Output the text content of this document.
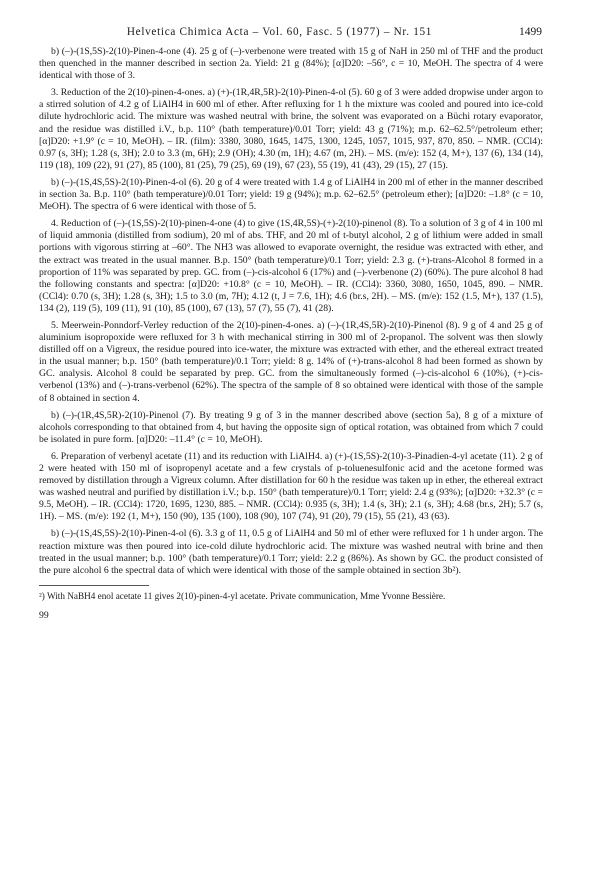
Helvetica Chimica Acta – Vol. 60, Fasc. 5 (1977) – Nr. 151	1499

b) (–)-(1S,5S)-2(10)-Pinen-4-one (4). 25 g of (–)-verbenone were treated with 15 g of NaH in 250 ml of THF and the product then quenched in the manner described in section 2a. Yield: 21 g (84%); [α]D20: –56°, c = 10, MeOH. The spectra of 4 were identical with those of 3.

3. Reduction of the 2(10)-pinen-4-ones. a) (+)-(1R,4R,5R)-2(10)-Pinen-4-ol (5). 60 g of 3 were added dropwise under argon to a stirred solution of 4.2 g of LiAlH4 in 600 ml of ether. After refluxing for 1 h the mixture was cooled and poured into ice-cold dilute hydrochloric acid. The mixture was washed neutral with brine, the solvent was evaporated on a Büchi rotary evaporator, and the residue was distilled i.V., b.p. 110° (bath temperature)/0.01 Torr; yield: 43 g (71%); m.p. 62–62.5°/petroleum ether; [α]D20: +1.9° (c = 10, MeOH). – IR. (film): 3380, 3080, 1645, 1475, 1300, 1245, 1057, 1015, 937, 870, 850. – NMR. (CCl4): 0.97 (s, 3H); 1.28 (s, 3H); 2.0 to 3.3 (m, 6H); 2.9 (OH); 4.30 (m, 1H); 4.67 (m, 2H). – MS. (m/e): 152 (4, M+), 137 (6), 134 (14), 119 (18), 109 (22), 91 (27), 85 (100), 81 (25), 79 (25), 69 (19), 67 (23), 55 (19), 41 (43), 29 (15), 27 (15).

b) (–)-(1S,4S,5S)-2(10)-Pinen-4-ol (6). 20 g of 4 were treated with 1.4 g of LiAlH4 in 200 ml of ether in the manner described in section 3a. B.p. 110° (bath temperature)/0.01 Torr; yield: 19 g (94%); m.p. 62–62.5° (petroleum ether); [α]D20: –1.8° (c = 10, MeOH). The spectra of 6 were identical with those of 5.

4. Reduction of (–)-(1S,5S)-2(10)-pinen-4-one (4) to give (1S,4R,5S)-(+)-2(10)-pinenol (8). To a solution of 3 g of 4 in 100 ml of liquid ammonia (distilled from sodium), 20 ml of abs. THF, and 20 ml of t-butyl alcohol, 2 g of lithium were added in small portions with vigorous stirring at –60°. The NH3 was allowed to evaporate overnight, the residue was extracted with ether, and the extract was treated in the usual manner. B.p. 150° (bath temperature)/0.1 Torr; yield: 2.3 g. (+)-trans-Alcohol 8 formed in a proportion of 11% was separated by prep. GC. from (–)-cis-alcohol 6 (17%) and (–)-verbenone (2) (60%). The pure alcohol 8 had the following constants and spectra: [α]D20: +10.8° (c = 10, MeOH). – IR. (CCl4): 3360, 3080, 1650, 1045, 890. – NMR. (CCl4): 0.70 (s, 3H); 1.28 (s, 3H); 1.5 to 3.0 (m, 7H); 4.12 (t, J = 7.6, 1H); 4.6 (br.s, 2H). – MS. (m/e): 152 (1.5, M+), 137 (1.5), 134 (2), 119 (5), 109 (11), 91 (10), 85 (100), 67 (13), 57 (7), 55 (7), 41 (28).

5. Meerwein-Ponndorf-Verley reduction of the 2(10)-pinen-4-ones. a) (–)-(1R,4S,5R)-2(10)-Pinenol (8). 9 g of 4 and 25 g of aluminium isopropoxide were refluxed for 3 h with mechanical stirring in 300 ml of 2-propanol. The solvent was then slowly distilled off on a Vigreux, the residue poured into ice-water, the mixture was extracted with ether, and the ethereal extract treated in the usual manner; b.p. 150° (bath temperature)/0.1 Torr; yield: 8 g. 14% of (+)-trans-alcohol 8 had been formed as shown by GC. analysis. Alcohol 8 could be separated by prep. GC. from the simultaneously formed (–)-cis-alcohol 6 (10%), (+)-cis-verbenol (13%) and (–)-trans-verbenol (62%). The spectra of the sample of 8 so obtained were identical with those of the sample of 8 obtained in section 4.

b) (–)-(1R,4S,5R)-2(10)-Pinenol (7). By treating 9 g of 3 in the manner described above (section 5a), 8 g of a mixture of alcohols corresponding to that obtained from 4, but having the opposite sign of optical rotation, was obtained from which 7 could be isolated in pure form. [α]D20: –11.4° (c = 10, MeOH).

6. Preparation of verbenyl acetate (11) and its reduction with LiAlH4. a) (+)-(1S,5S)-2(10)-3-Pinadien-4-yl acetate (11). 2 g of 2 were heated with 150 ml of isopropenyl acetate and a few crystals of p-toluenesulfonic acid and the acetone formed was removed by distillation through a Vigreux column. After distillation for 60 h the residue was taken up in ether, the ethereal extract was washed neutral and purified by distillation i.V.; b.p. 150° (bath temperature)/0.1 Torr; yield: 2.4 g (93%); [α]D20: +32.3° (c = 9.5, MeOH). – IR. (CCl4): 1720, 1695, 1230, 885. – NMR. (CCl4): 0.935 (s, 3H); 1.4 (s, 3H); 2.1 (s, 3H); 4.68 (br.s, 2H); 5.7 (s, 1H). – MS. (m/e): 192 (1, M+), 150 (90), 135 (100), 108 (90), 107 (74), 91 (20), 79 (15), 55 (21), 43 (63).

b) (–)-(1S,4S,5S)-2(10)-Pinen-4-ol (6). 3.3 g of 11, 0.5 g of LiAlH4 and 50 ml of ether were refluxed for 1 h under argon. The reaction mixture was then poured into ice-cold dilute hydrochloric acid. The mixture was washed neutral with brine and then treated in the usual manner; b.p. 100° (bath temperature)/0.1 Torr; yield: 2.2 g (86%). As shown by GC. the product consisted of the pure alcohol 6 the spectral data of which were identical with those of the sample obtained in section 3b²).

²) With NaBH4 enol acetate 11 gives 2(10)-pinen-4-yl acetate. Private communication, Mme Yvonne Bessière.

99
